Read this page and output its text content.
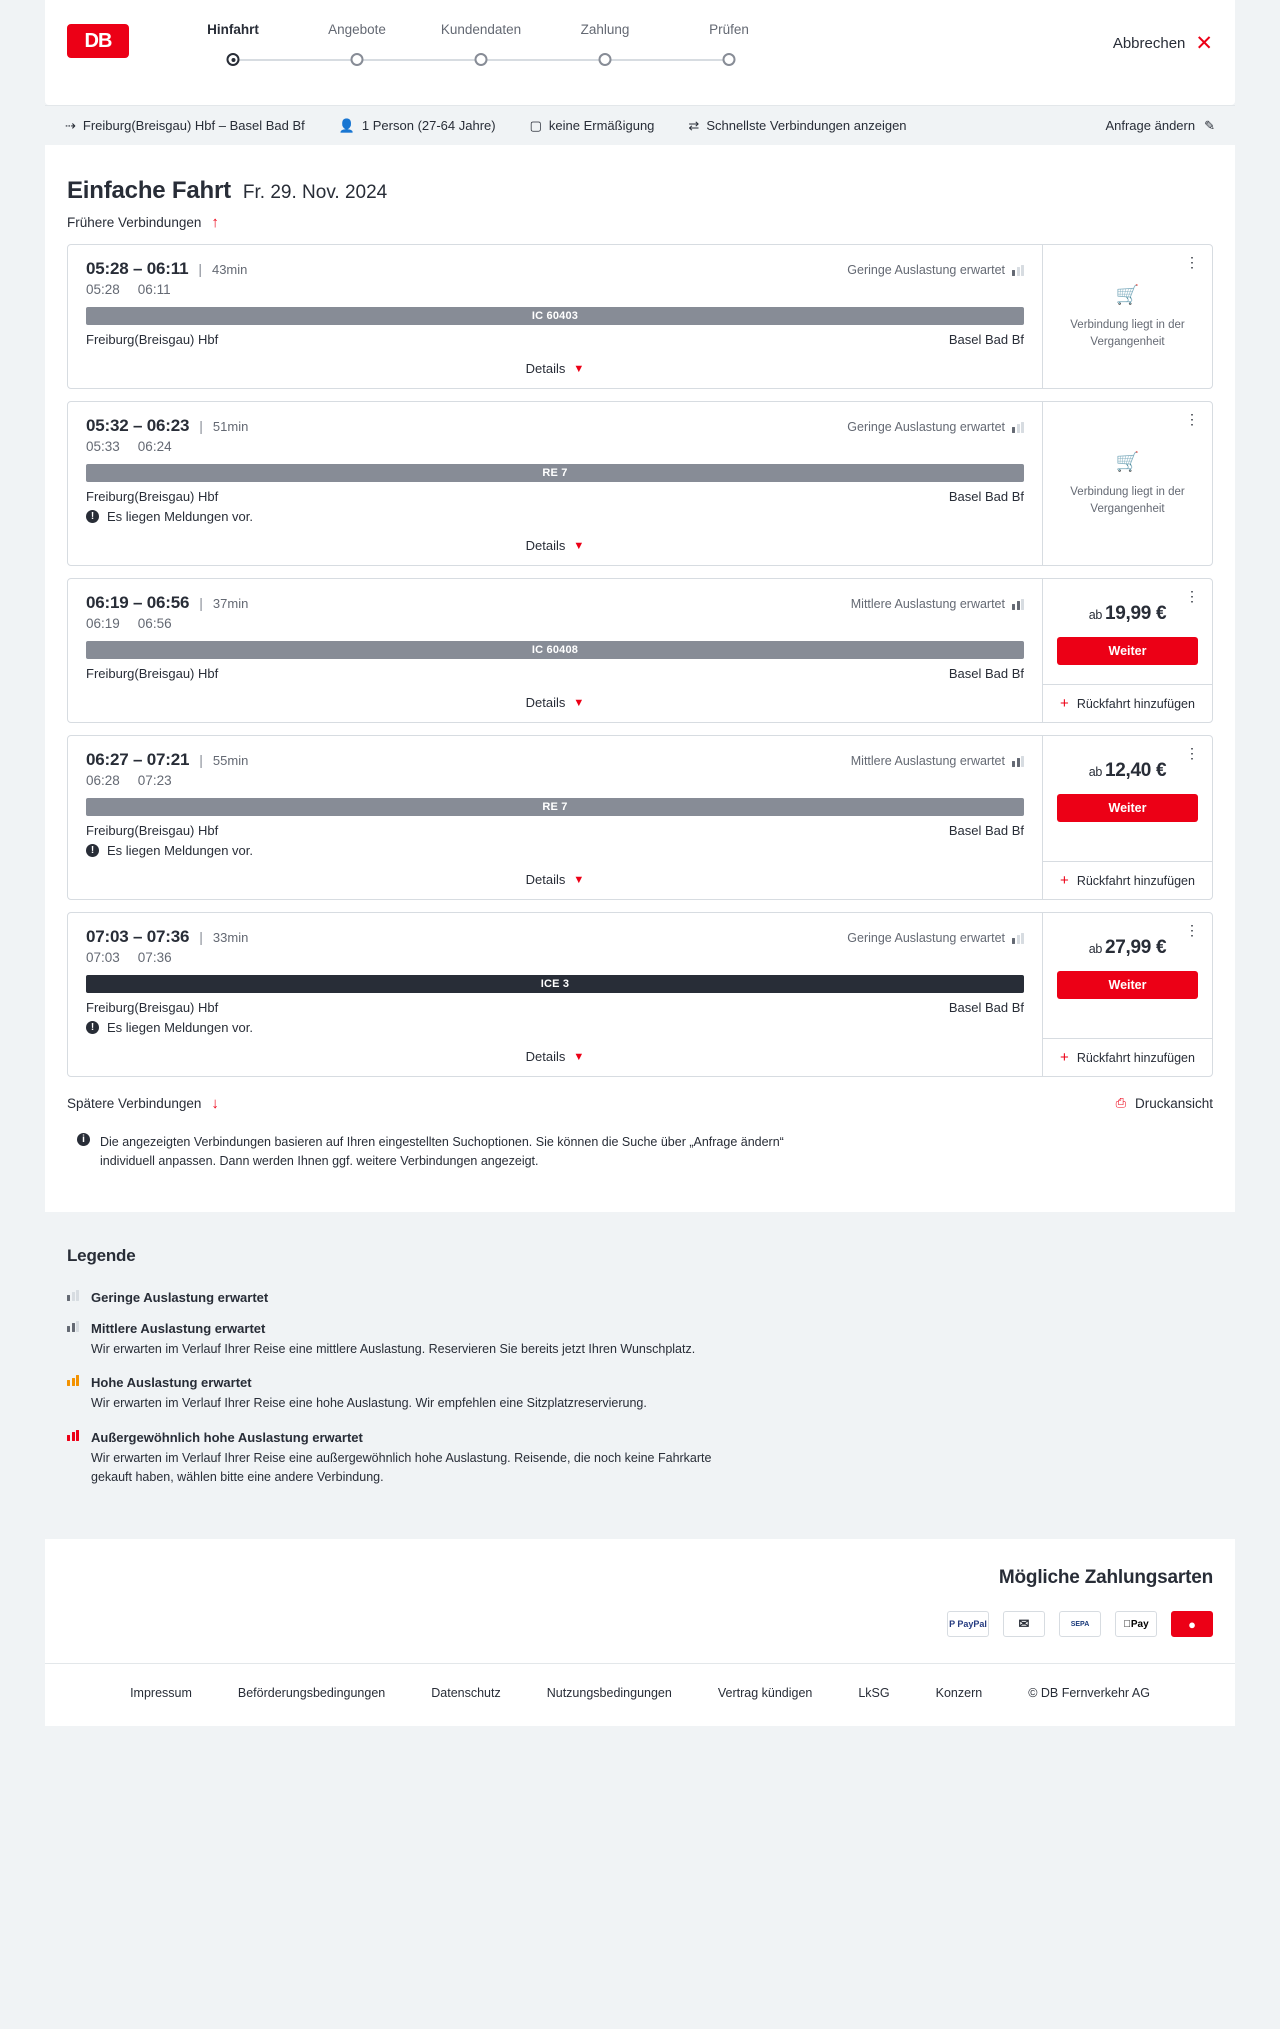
DB	Hinfahrt	Angebote	Kundendaten	Zahlung	Prüfen
Abbrechen ✕
⇢ Freiburg(Breisgau) Hbf – Basel Bad Bf	👤 1 Person (27-64 Jahre)	▢ keine Ermäßigung	⇄ Schnellste Verbindungen anzeigen	Anfrage ändern ✎
Einfache Fahrt Fr. 29. Nov. 2024
Frühere Verbindungen ↑
05:28 – 06:11 | 43min	Geringe Auslastung erwartet
05:28 06:11
IC 60403
Freiburg(Breisgau) Hbf	Basel Bad Bf
Details ▼
⋮
🛒
Verbindung liegt in der Vergangenheit
05:32 – 06:23 | 51min	Geringe Auslastung erwartet
05:33 06:24
RE 7
Freiburg(Breisgau) Hbf	Basel Bad Bf
! Es liegen Meldungen vor.
Details ▼
⋮
🛒
Verbindung liegt in der Vergangenheit
06:19 – 06:56 | 37min	Mittlere Auslastung erwartet
06:19 06:56
IC 60408
Freiburg(Breisgau) Hbf	Basel Bad Bf
Details ▼
⋮
ab 19,99 €
Weiter
+ Rückfahrt hinzufügen
06:27 – 07:21 | 55min	Mittlere Auslastung erwartet
06:28 07:23
RE 7
Freiburg(Breisgau) Hbf	Basel Bad Bf
! Es liegen Meldungen vor.
Details ▼
⋮
ab 12,40 €
Weiter
+ Rückfahrt hinzufügen
07:03 – 07:36 | 33min	Geringe Auslastung erwartet
07:03 07:36
ICE 3
Freiburg(Breisgau) Hbf	Basel Bad Bf
! Es liegen Meldungen vor.
Details ▼
⋮
ab 27,99 €
Weiter
+ Rückfahrt hinzufügen
Spätere Verbindungen ↓	⎙ Druckansicht
i	Die angezeigten Verbindungen basieren auf Ihren eingestellten Suchoptionen. Sie können die Suche über „Anfrage ändern“ individuell anpassen. Dann werden Ihnen ggf. weitere Verbindungen angezeigt.
Legende
Geringe Auslastung erwartet
Mittlere Auslastung erwartet
Wir erwarten im Verlauf Ihrer Reise eine mittlere Auslastung. Reservieren Sie bereits jetzt Ihren Wunschplatz.
Hohe Auslastung erwartet
Wir erwarten im Verlauf Ihrer Reise eine hohe Auslastung. Wir empfehlen eine Sitzplatzreservierung.
Außergewöhnlich hohe Auslastung erwartet
Wir erwarten im Verlauf Ihrer Reise eine außergewöhnlich hohe Auslastung. Reisende, die noch keine Fahrkarte gekauft haben, wählen bitte eine andere Verbindung.
Mögliche Zahlungsarten
P PayPal	✉	SEPA	Pay	●
Impressum	Beförderungsbedingungen	Datenschutz	Nutzungsbedingungen	Vertrag kündigen	LkSG	Konzern	© DB Fernverkehr AG
